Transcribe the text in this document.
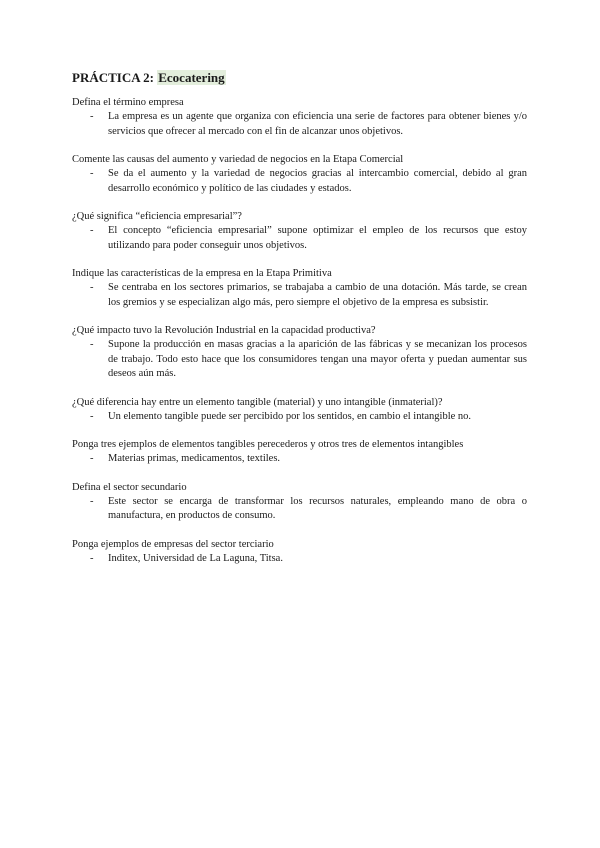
PRÁCTICA 2: Ecocatering

Defina el término empresa

-	La empresa es un agente que organiza con eficiencia una serie de factores para obtener bienes y/o servicios que ofrecer al mercado con el fin de alcanzar unos objetivos.

Comente las causas del aumento y variedad de negocios en la Etapa Comercial

-	Se da el aumento y la variedad de negocios gracias al intercambio comercial, debido al gran desarrollo económico y político de las ciudades y estados.

¿Qué significa “eficiencia empresarial”?

-	El concepto “eficiencia empresarial” supone optimizar el empleo de los recursos que estoy utilizando para poder conseguir unos objetivos.

Indique las características de la empresa en la Etapa Primitiva

-	Se centraba en los sectores primarios, se trabajaba a cambio de una dotación. Más tarde, se crean los gremios y se especializan algo más, pero siempre el objetivo de la empresa es subsistir.

¿Qué impacto tuvo la Revolución Industrial en la capacidad productiva?

-	Supone la producción en masas gracias a la aparición de las fábricas y se mecanizan los procesos de trabajo. Todo esto hace que los consumidores tengan una mayor oferta y puedan aumentar sus deseos aún más.

¿Qué diferencia hay entre un elemento tangible (material) y uno intangible (inmaterial)?

-	Un elemento tangible puede ser percibido por los sentidos, en cambio el intangible no.

Ponga tres ejemplos de elementos tangibles perecederos y otros tres de elementos intangibles

-	Materias primas, medicamentos, textiles.

Defina el sector secundario

-	Este sector se encarga de transformar los recursos naturales, empleando mano de obra o manufactura, en productos de consumo.

Ponga ejemplos de empresas del sector terciario

-	Inditex, Universidad de La Laguna, Titsa.
